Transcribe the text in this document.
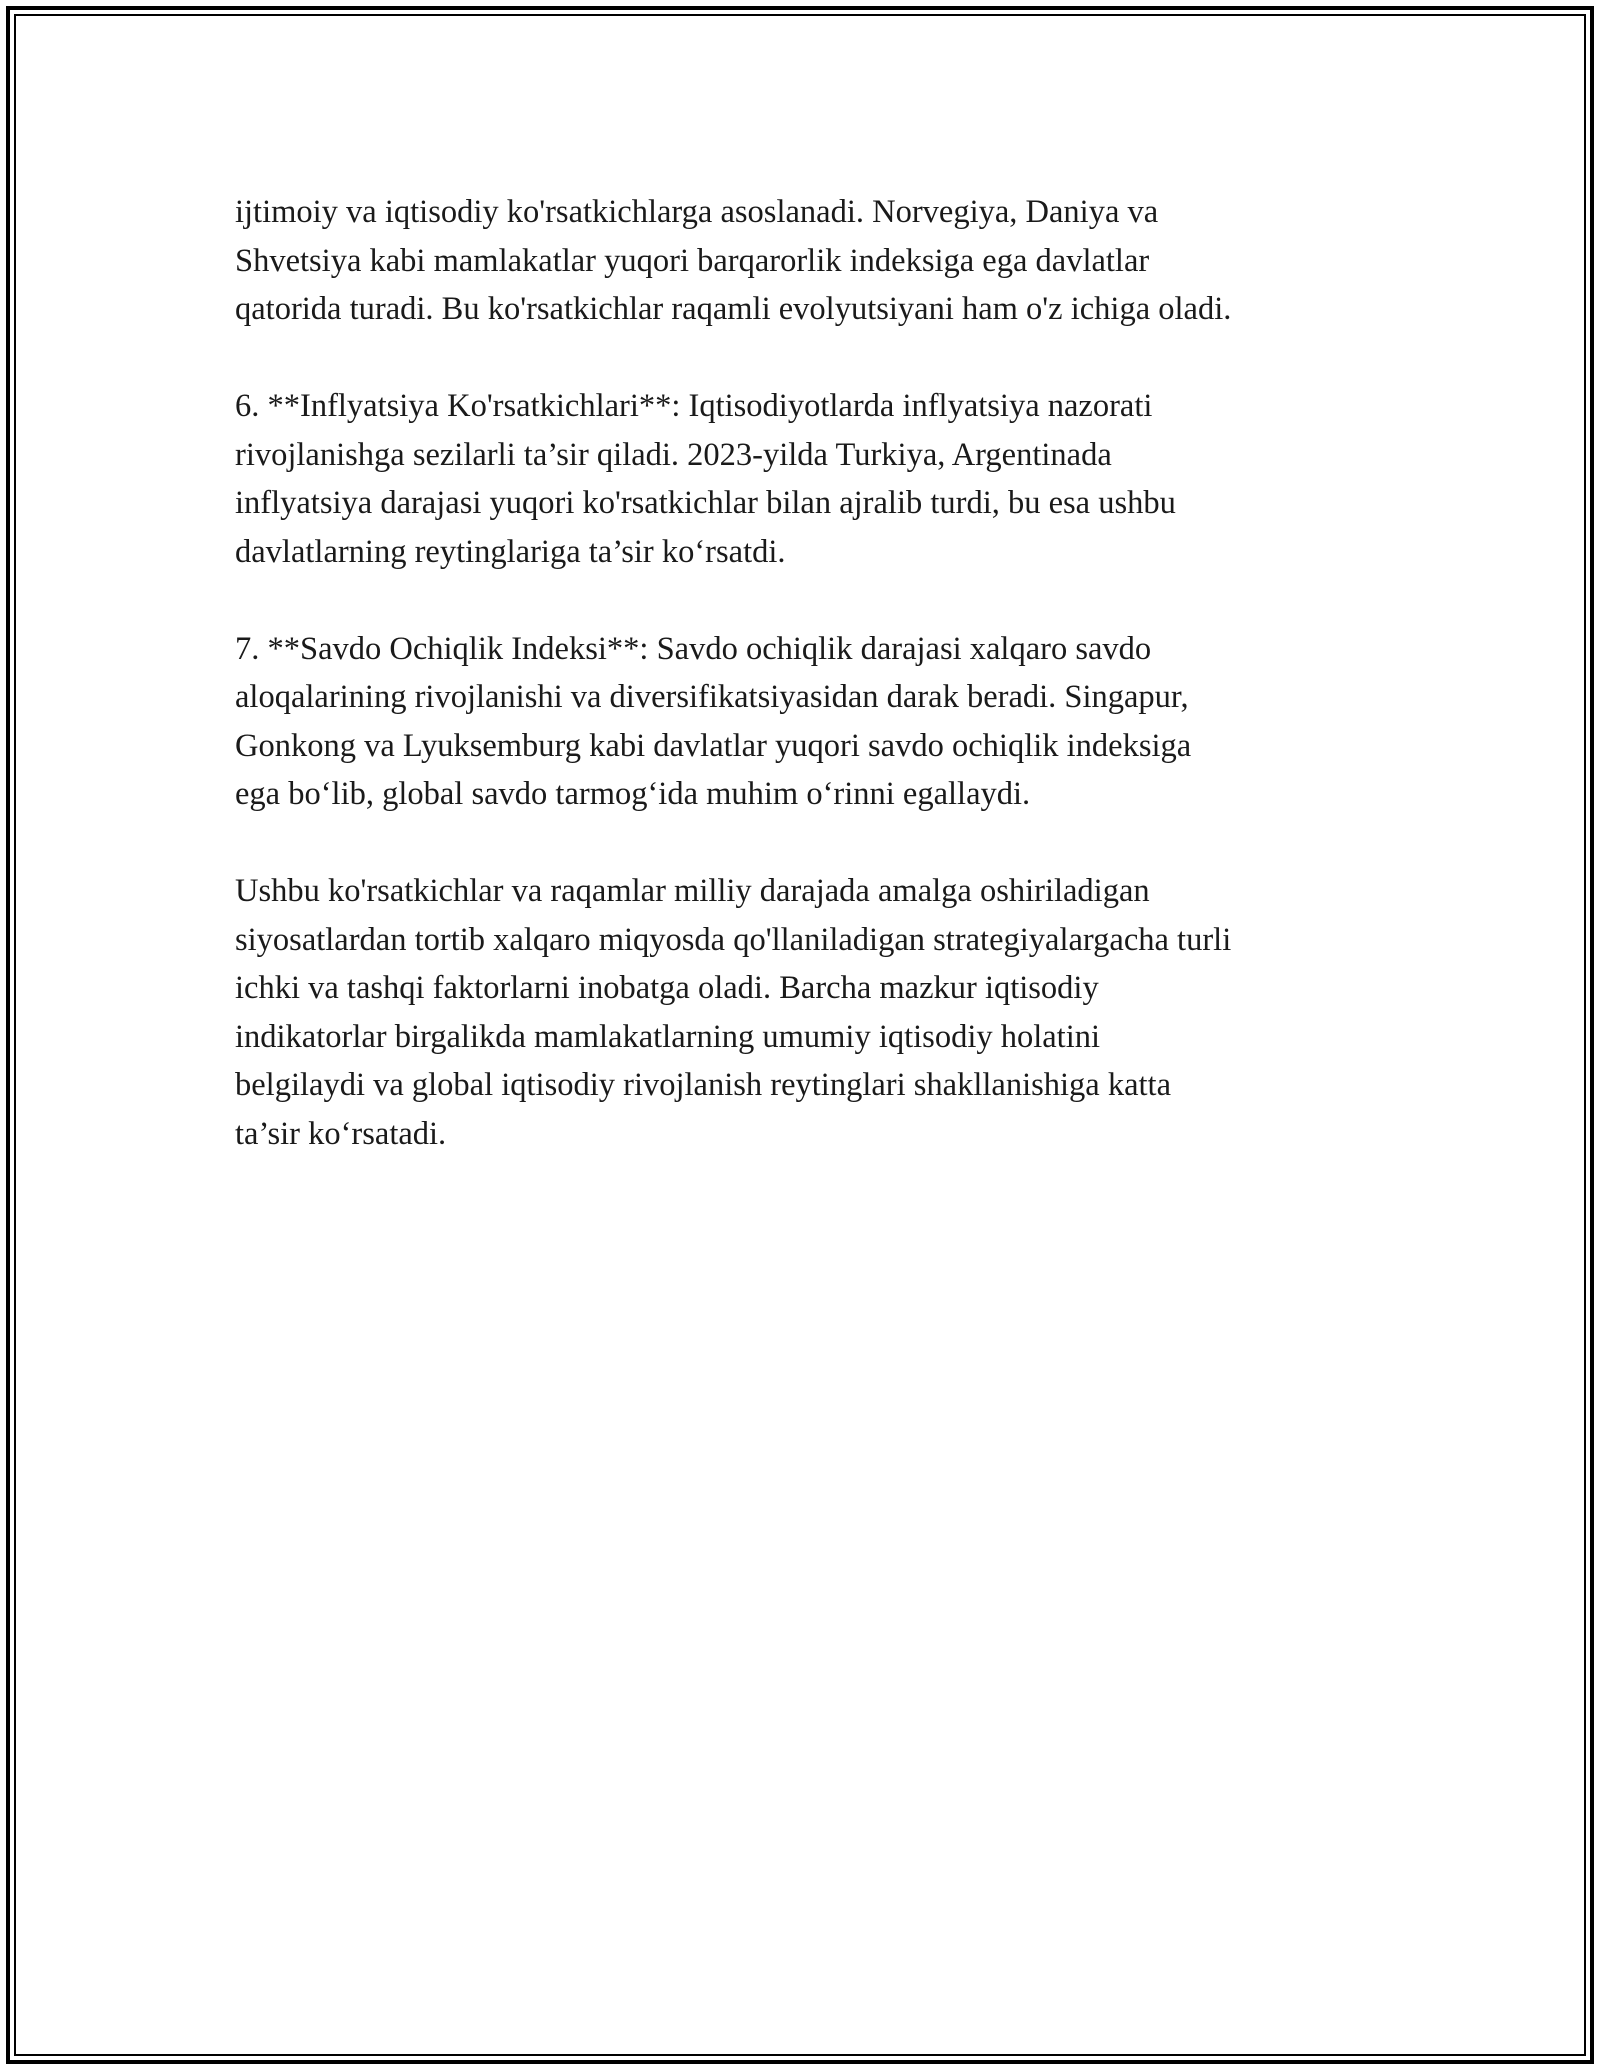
ijtimoiy va iqtisodiy ko'rsatkichlarga asoslanadi. Norvegiya, Daniya va
Shvetsiya kabi mamlakatlar yuqori barqarorlik indeksiga ega davlatlar
qatorida turadi. Bu ko'rsatkichlar raqamli evolyutsiyani ham o'z ichiga oladi.

6. **Inflyatsiya Ko'rsatkichlari**: Iqtisodiyotlarda inflyatsiya nazorati
rivojlanishga sezilarli ta’sir qiladi. 2023-yilda Turkiya, Argentinada
inflyatsiya darajasi yuqori ko'rsatkichlar bilan ajralib turdi, bu esa ushbu
davlatlarning reytinglariga ta’sir ko‘rsatdi.

7. **Savdo Ochiqlik Indeksi**: Savdo ochiqlik darajasi xalqaro savdo
aloqalarining rivojlanishi va diversifikatsiyasidan darak beradi. Singapur,
Gonkong va Lyuksemburg kabi davlatlar yuqori savdo ochiqlik indeksiga
ega bo‘lib, global savdo tarmog‘ida muhim o‘rinni egallaydi.

Ushbu ko'rsatkichlar va raqamlar milliy darajada amalga oshiriladigan
siyosatlardan tortib xalqaro miqyosda qo'llaniladigan strategiyalargacha turli
ichki va tashqi faktorlarni inobatga oladi. Barcha mazkur iqtisodiy
indikatorlar birgalikda mamlakatlarning umumiy iqtisodiy holatini
belgilaydi va global iqtisodiy rivojlanish reytinglari shakllanishiga katta
ta’sir ko‘rsatadi.
